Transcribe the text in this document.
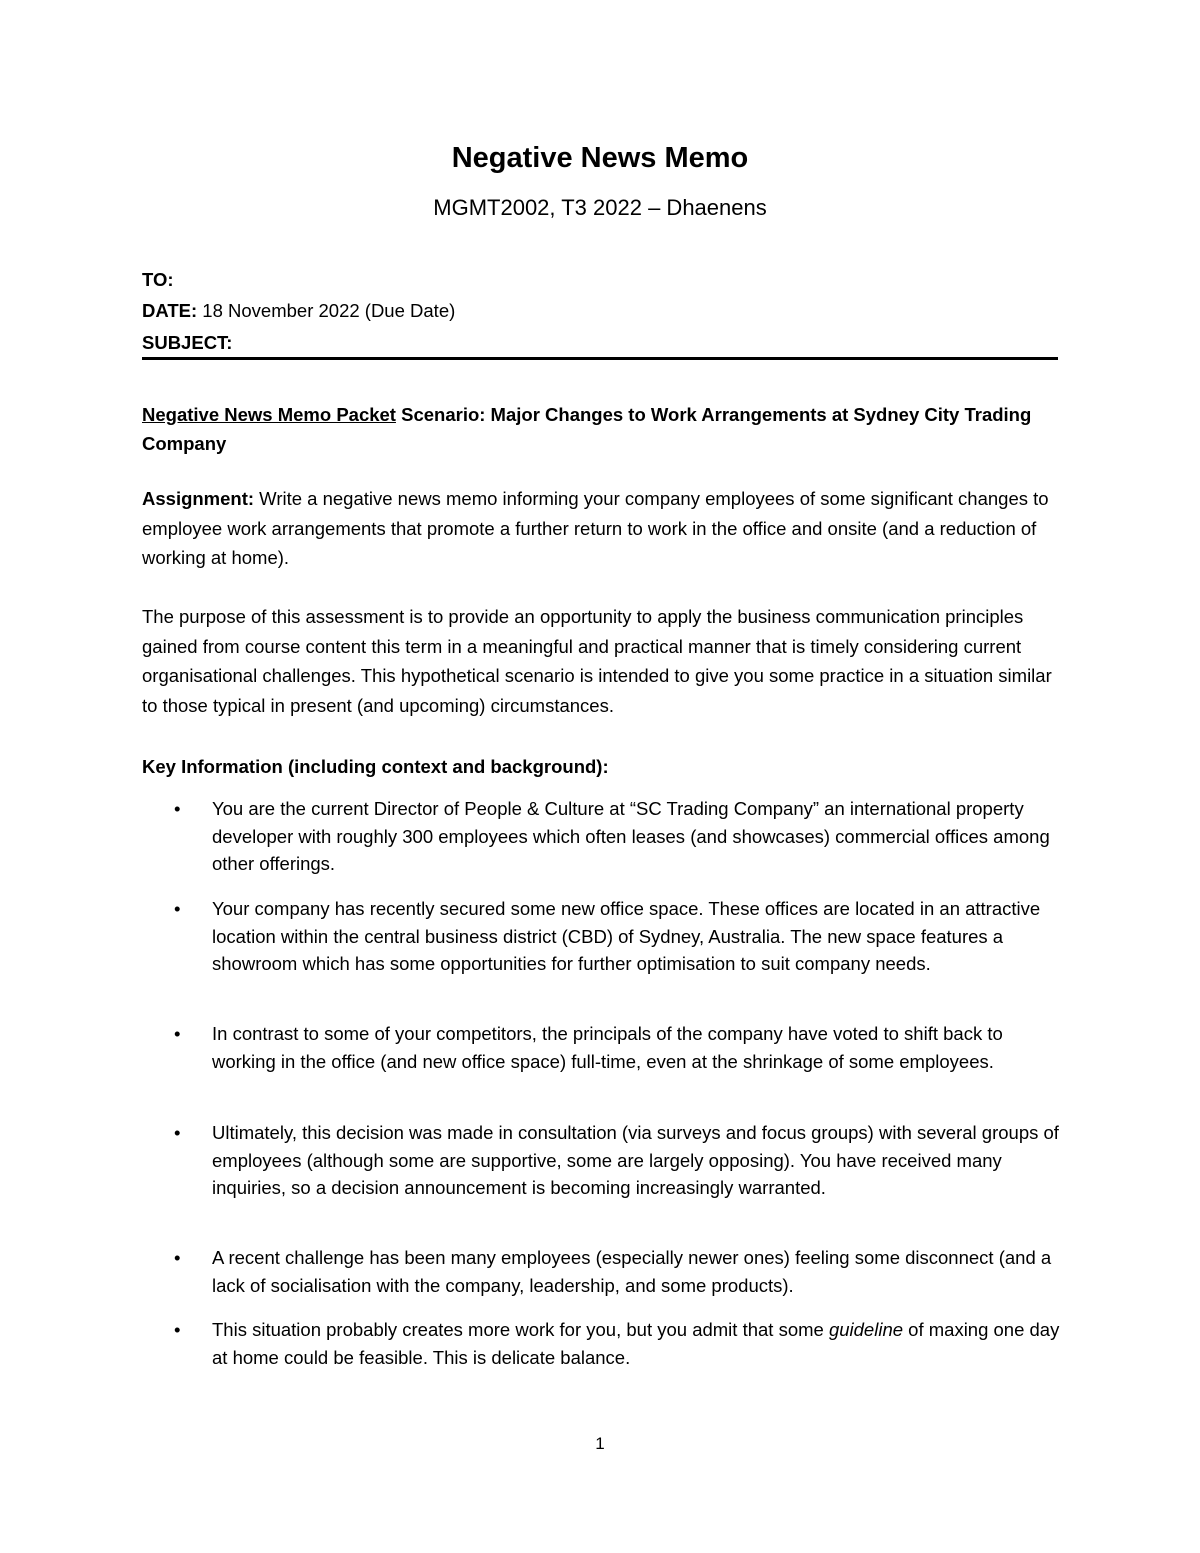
Negative News Memo
MGMT2002, T3 2022 – Dhaenens
TO:
DATE: 18 November 2022 (Due Date)
SUBJECT:
Negative News Memo Packet Scenario: Major Changes to Work Arrangements at Sydney City Trading Company
Assignment: Write a negative news memo informing your company employees of some significant changes to employee work arrangements that promote a further return to work in the office and onsite (and a reduction of working at home).
The purpose of this assessment is to provide an opportunity to apply the business communication principles gained from course content this term in a meaningful and practical manner that is timely considering current organisational challenges. This hypothetical scenario is intended to give you some practice in a situation similar to those typical in present (and upcoming) circumstances.
Key Information (including context and background):
• You are the current Director of People & Culture at “SC Trading Company” an international property developer with roughly 300 employees which often leases (and showcases) commercial offices among other offerings.
• Your company has recently secured some new office space. These offices are located in an attractive location within the central business district (CBD) of Sydney, Australia. The new space features a showroom which has some opportunities for further optimisation to suit company needs.
• In contrast to some of your competitors, the principals of the company have voted to shift back to working in the office (and new office space) full-time, even at the shrinkage of some employees.
• Ultimately, this decision was made in consultation (via surveys and focus groups) with several groups of employees (although some are supportive, some are largely opposing). You have received many inquiries, so a decision announcement is becoming increasingly warranted.
• A recent challenge has been many employees (especially newer ones) feeling some disconnect (and a lack of socialisation with the company, leadership, and some products).
• This situation probably creates more work for you, but you admit that some guideline of maxing one day at home could be feasible. This is delicate balance.
1
